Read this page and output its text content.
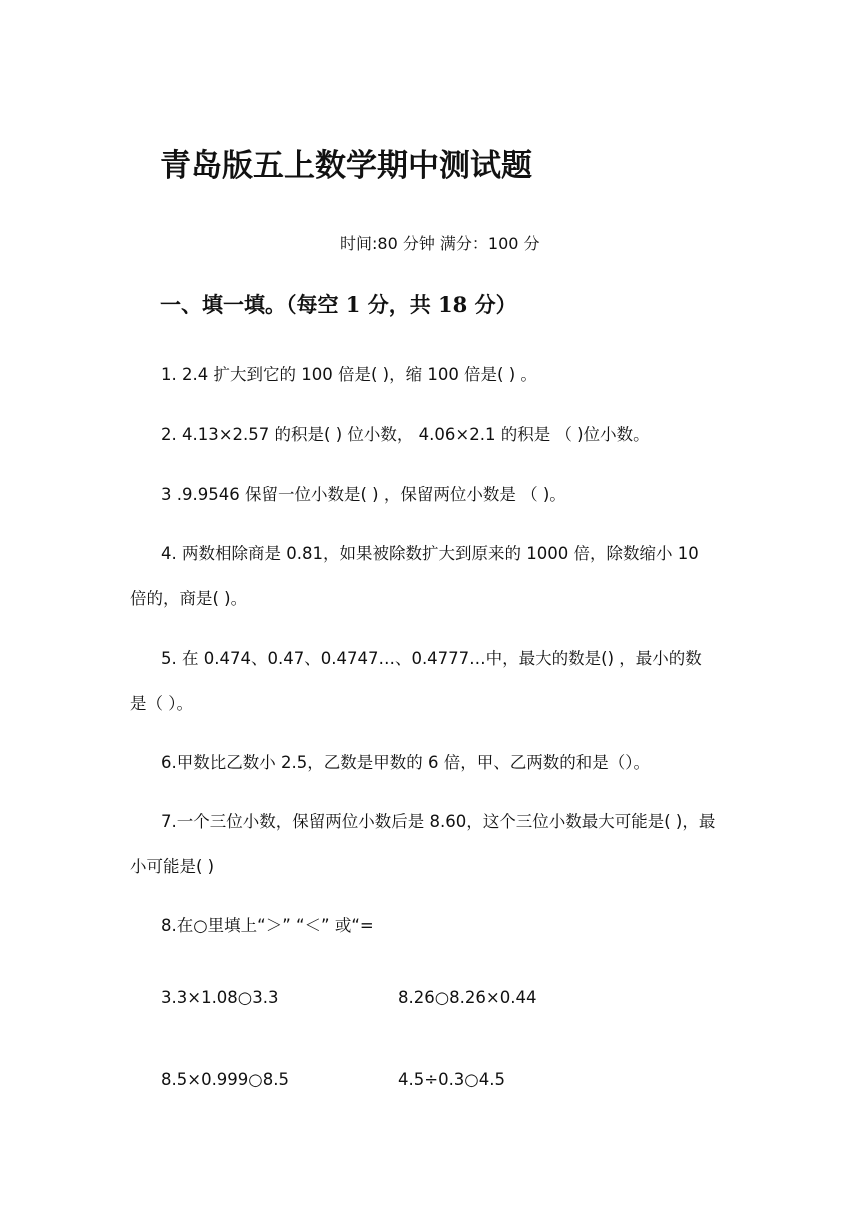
青岛版五上数学期中测试题

时间:80 分钟 满分：100 分

一、填一填。（每空 1 分，共 18 分）

1. 2.4 扩大到它的 100 倍是( )，缩 100 倍是( ) 。

2. 4.13×2.57 的积是( ) 位小数， 4.06×2.1 的积是 （ )位小数。

3 .9.9546 保留一位小数是( ) ，保留两位小数是 （ )。

4. 两数相除商是 0.81，如果被除数扩大到原来的 1000 倍，除数缩小 10

倍的，商是( )。

5. 在 0.474、0.47、0.4747…、0.4777…中，最大的数是() ，最小的数

是（ ）。

6.甲数比乙数小 2.5，乙数是甲数的 6 倍，甲、乙两数的和是（）。

7.一个三位小数，保留两位小数后是 8.60，这个三位小数最大可能是( )，最

小可能是( )

8.在○里填上“＞” “＜” 或“=

3.3×1.08○3.3	8.26○8.26×0.44

8.5×0.999○8.5	4.5÷0.3○4.5
